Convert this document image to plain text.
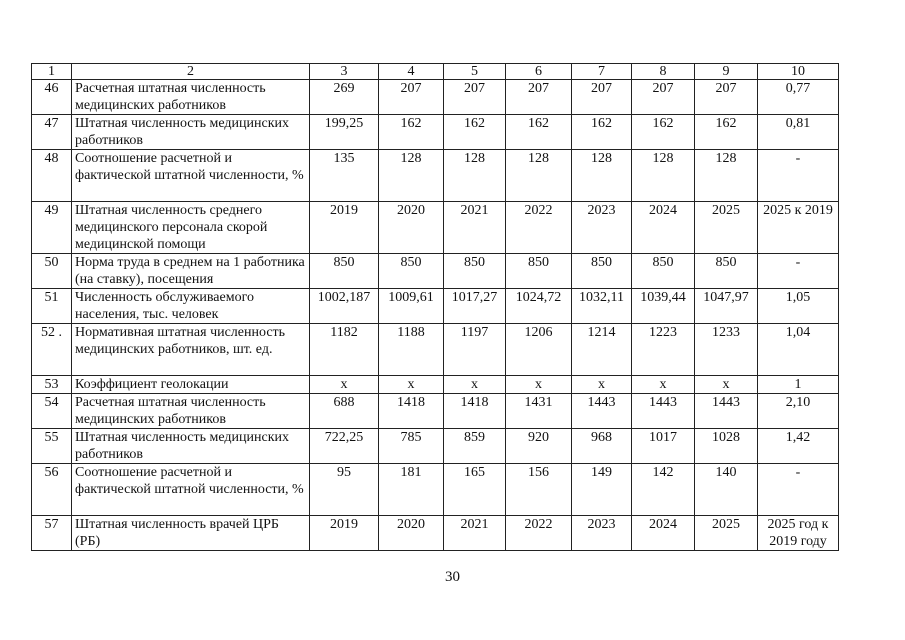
1	2	3	4	5	6	7	8	9	10
46	Расчетная штатная численность медицинских работников	269	207	207	207	207	207	207	0,77
47	Штатная численность медицинских работников	199,25	162	162	162	162	162	162	0,81
48	Соотношение расчетной и фактической штатной численности, %	135	128	128	128	128	128	128	-
49	Штатная численность среднего медицинского персонала скорой медицинской помощи	2019	2020	2021	2022	2023	2024	2025	2025 к 2019
50	Норма труда в среднем на 1 работника (на ставку), посещения	850	850	850	850	850	850	850	-
51	Численность обслуживаемого населения, тыс. человек	1002,187	1009,61	1017,27	1024,72	1032,11	1039,44	1047,97	1,05
52 .	Нормативная штатная численность медицинских работников, шт. ед.	1182	1188	1197	1206	1214	1223	1233	1,04
53	Коэффициент геолокации	х	х	х	х	х	х	х	1
54	Расчетная штатная численность медицинских работников	688	1418	1418	1431	1443	1443	1443	2,10
55	Штатная численность медицинских работников	722,25	785	859	920	968	1017	1028	1,42
56	Соотношение расчетной и фактической штатной численности, %	95	181	165	156	149	142	140	-
57	Штатная численность врачей ЦРБ (РБ)	2019	2020	2021	2022	2023	2024	2025	2025 год к 2019 году
30
